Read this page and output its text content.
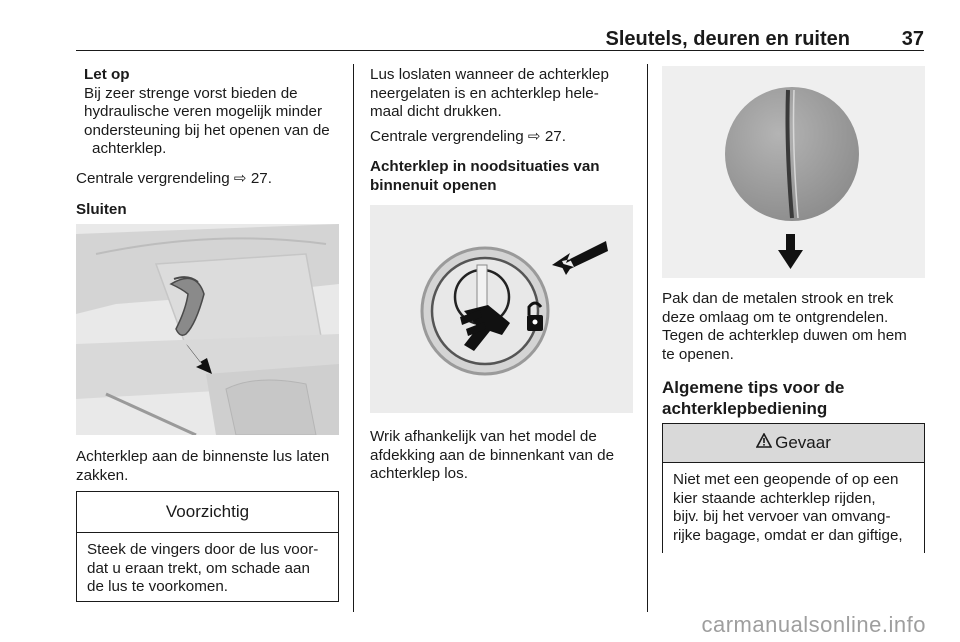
Sleutels, deuren en ruiten	37

Let op

Bij zeer strenge vorst bieden de

hydraulische veren mogelijk minder

ondersteuning bij het openen van de

achterklep.

Centrale vergrendeling ⇨ 27.

Sluiten

Achterklep aan de binnenste lus laten

zakken.

Voorzichtig

Steek de vingers door de lus voor-

dat u eraan trekt, om schade aan

de lus te voorkomen.

Lus loslaten wanneer de achterklep

neergelaten is en achterklep hele-

maal dicht drukken.

Centrale vergrendeling ⇨ 27.

Achterklep in noodsituaties van

binnenuit openen

Wrik afhankelijk van het model de

afdekking aan de binnenkant van de

achterklep los.

Pak dan de metalen strook en trek

deze omlaag om te ontgrendelen.

Tegen de achterklep duwen om hem

te openen.

Algemene tips voor de

achterklepbediening

Gevaar

Niet met een geopende of op een

kier staande achterklep rijden,

bijv. bij het vervoer van omvang-

rijke bagage, omdat er dan giftige,

carmanualsonline.info
